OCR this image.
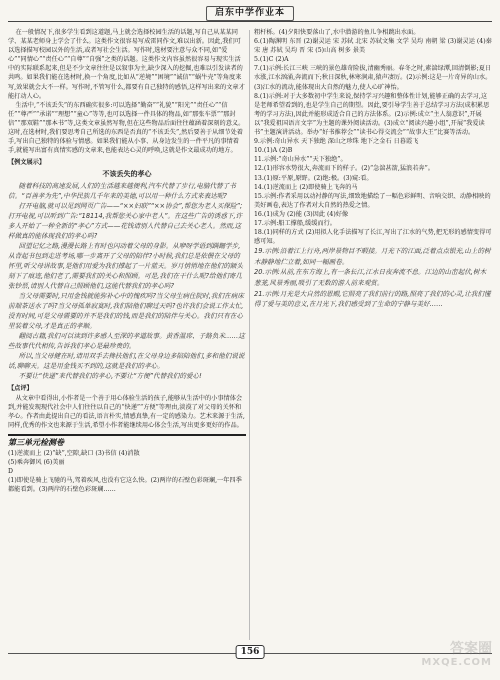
启东中学作业本

在一般情况下,很多学生看到这道题,马上就会选择校园生活的话题,写自己从某某同学、某某老师身上学会了什么。这类作文很容易写成雷同作文,难以出新。因此,我们可以选择描写校园以外的生活,或者写社会生活。写作时,选材要注意与众不同,如“爱心”“同情心”“责任心”“自尊”“自强”之类的话题。这类作文内容虽然很容易与现实生活中的实际联系起来,但是不少文章往往是以叙事为主,缺少深入的挖掘,也难以引发读者的共鸣。如果我们能在选材时,换一个角度,比如从“逆境”“困境”“诚信”“蜗牛壳”等角度来写,效果就会大不一样。写作时,不管写什么,都要有自己独特的感悟,这样写出来的文章才能打动人心。

生活中,“不该丢失”的东西确实很多:可以选择“勤奋”“礼貌”“阳光”“责任心”“信任”“尊严”“承诺”“理想”“童心”等等,也可以选择一件具体的物品,如“那张车票”“那封信”“那双鞋”“那本书”等,这类文章虽然写物,但在这些物品后面往往蕴涵着深刻的意义。这时,在选材时,我们要思考自己所选的东西是否真的“不该丢失”,然后要善于从细节处着手,写出自己独特的体验与情感。如果我们能从小事、从身边发生的一件平凡的事情着手,就能写出富有真情实感的文章来,也能表达心灵的呼唤,这就是作文最成功的地方。

【例文展示】
不该丢失的孝心

随着科技的高速发展,人们的生活越来越便利,汽车代替了步行,电脑代替了书信。“百善孝为先”,中华民族几千年来的美德,可以用一种什么方式来表达呢?

打开电脑,就可以见到网页广告——“××妇联”“××协会”,帮您为老人买保险”;打开电视,可以听到广告:“18114,我帮您关心家中老人”。在这些广告的诱惑下,许多人开始了一种全新的“孝心”方式——花钱请别人代替自己去关心老人。然而,这样做真的能体现我们的孝心吗?

回望记忆之路,漫漫长路上有时也闪动着父母的身影。从咿呀学语到蹒跚学步,从背起书包到走进考场,哪一步离开了父母的陪伴?小时候,我们总是依偎在父母的怀里,听父母讲故事,是他们用爱为我们撑起了一片蓝天。岁月悄悄地在他们的额头刻下了痕迹,他们老了,需要我们的关心和照顾。可是,我们在干什么呢?给他们寄几张钞票,请别人代替自己照顾他们,这能代替我们的孝心吗?

当父母需要时,只用金钱就能弥补心中的愧疚吗?当父母生病住院时,我们在病床前端茶送水了吗?当父母孤单寂寞时,我们陪他们聊过天吗?也许我们会说工作太忙,没有时间,可是父母需要的并不是我们的钱,而是我们的陪伴与关心。我们只有在心里装着父母,才是真正的孝顺。

翻阅古籍,我们可以读到许多感人至深的孝道故事。黄香温席、子路负米……这些故事代代相传,告诉我们孝心是最珍贵的。

所以,当父母健在时,请用双手去搀扶他们,在父母身边多陪陪他们,多和他们说说话,聊聊天。这是用金钱买不到的,这就是我们的孝心。

不要让“快递”来代替我们的孝心,不要让“方便”代替我们的爱心!

【点评】

从文章中看得出,小作者是一个善于用心体验生活的孩子,能够从生活中的小事情体会到,并能发现现代社会中人们往往以自己的“快递”“方便”等理由,淡漠了对父母的关怀和孝心。作者由此提出自己的看法,语言朴实,情感真挚,有一定的感染力。艺术来源于生活,同样,优秀的作文也来源于生活,希望小作者能继续用心体会生活,写出更多更好的作品。

第三单元检测卷

(1)逆流而上 (2)“缺”,空隙,缺口 (3)书信 (4)消散

(5)乘奔御风 (6)美丽

D

(1)即使是骑上飞驰的马,驾着疾风,也没有它这么快。(2)两岸的石壁色彩斑斓,一年四季都能看到。(3)两岸的石壁色彩斑斓……

粗杆栎。(4)夕阳快要落山了,水中潜游的鱼儿争相跳出水面。

6.(1)陶渊明 东晋 (2)谢灵运 宋 苏轼 北宋 苏轼文集 文学 吴均 南朝 梁 (3)谢灵运 (4)秦 宋 唐 苏轼 吴均 晋 宋 (5)山高 树多 景美

5.(1)C (2)A

7.(1)示例:长江三峡 三峡的景色雄奇险拔,清幽秀丽。春冬之时,素湍绿潭,回清倒影;夏日水涨,江水汹涌,奔流而下;秋日深秋,林寒涧肃,猿声凄厉。(2)示例:这是一片奇异的山水。(3)江水的流动,能体现出大自然的魅力,使人心旷神怡。

8.(1)示例:对于大多数初中学生来说,保持学习兴趣和整体性计划,能够正确的去学习,这是老师希望看到的,也是学生自己的期望。因此,要引导学生善于总结学习方法(成积累思考的学习方法),因此并能形成适合自己的方法体系。(2)示例:成立“主人翁意识”,开展以“我爱祖国语言文字”为主题的课外阅读活动。(3)成立“阅读兴趣小组”,开展“我爱读书”主题演讲活动。举办“好书推荐会”“读书心得交流会”“故事大王”比赛等活动。

9.示例:奇山异水 天下独绝 深山之珍珠 地下之金石 日暮霞飞

10.(1)A (2)B

11.示例:“奇山异水”“天下独绝”。

12.(1)形容水势很大,奔流而下的样子。(2)“急湍甚箭,猛浪若奔”。

13.(1)原:平原,原野。(2)绝:极。(3)窥:看。

14.(1)逆流而上 (2)即使骑上飞奔的马

15.示例:作者采用以动衬静的写法,细致地描绘了一幅色彩鲜明、音响交织、动静相映的美好画卷,表达了作者对大自然的热爱之情。

16.(1)成为 (2)能 (3)因此 (4)好像

17.示例:船工撑船,缓缓而行。

18.(1)同样的方式 (2)用拟人化手法描写了长江,写出了江水的气势,把无形的感情变得可感可知。

19.示例:沿着江上行舟,两岸景物目不暇接。月光下的江面,泛着点点银光,山上的树木静静地伫立着,如同一幅画卷。

20.示例:从前,在东方海上,有一条长江,江水日夜奔流不息。江边的山峦起伏,树木葱茏,风景秀丽,吸引了无数的游人前来观赏。

21.示例:月光是大自然的恩赐,它照亮了我们前行的路,照亮了我们的心灵,让我们懂得了爱与美的意义,在月光下,我们感受到了生命的宁静与美好……

156	答案圈
MXQE.COM
